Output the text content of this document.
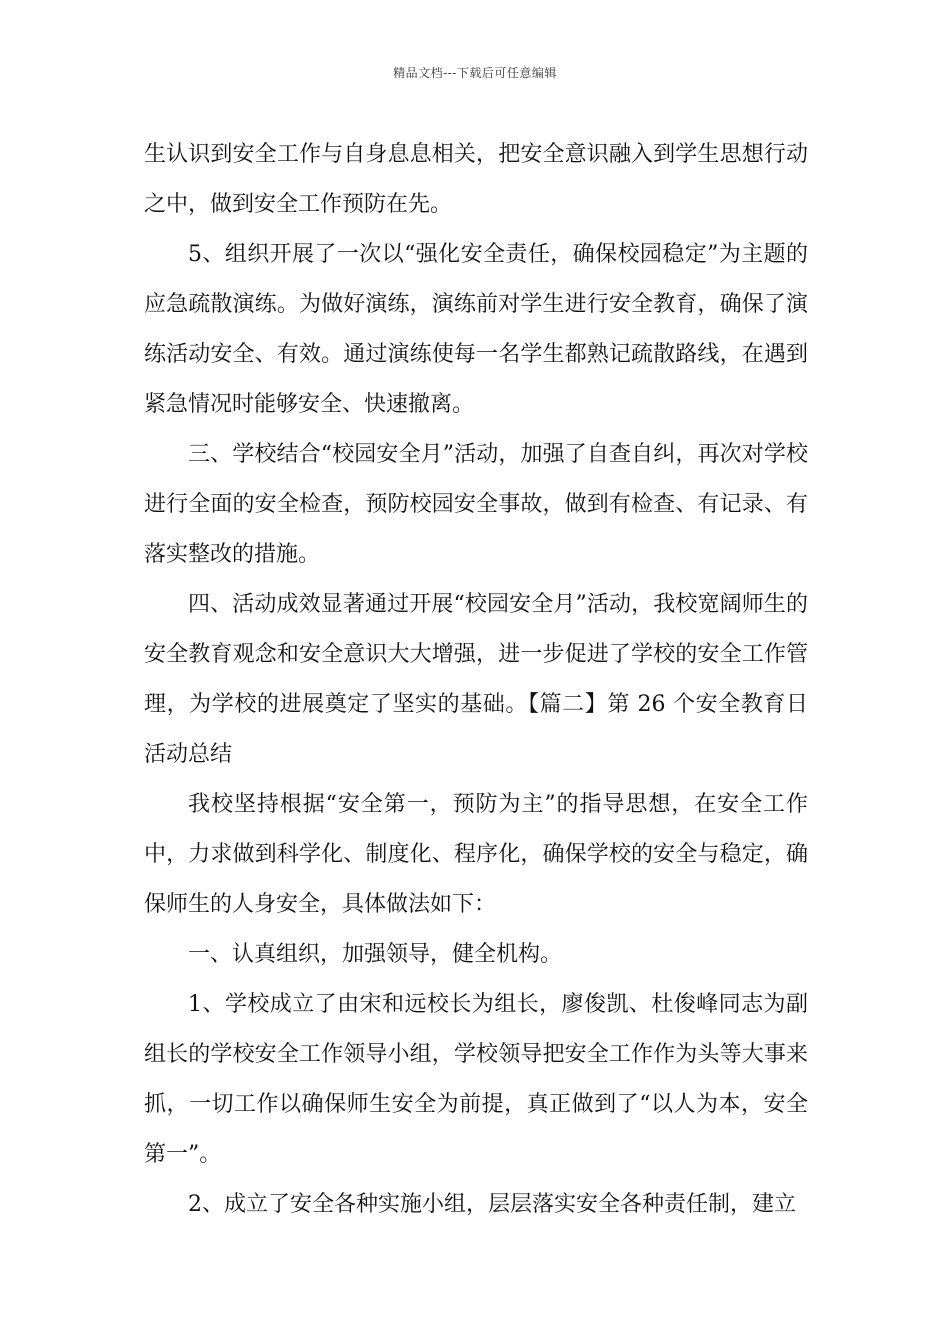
精品文档---下载后可任意编辑

生认识到安全工作与自身息息相关，把安全意识融入到学生思想行动之中，做到安全工作预防在先。

5、组织开展了一次以“强化安全责任，确保校园稳定”为主题的应急疏散演练。为做好演练，演练前对学生进行安全教育，确保了演练活动安全、有效。通过演练使每一名学生都熟记疏散路线，在遇到紧急情况时能够安全、快速撤离。

三、学校结合“校园安全月”活动，加强了自查自纠，再次对学校进行全面的安全检查，预防校园安全事故，做到有检查、有记录、有落实整改的措施。

四、活动成效显著通过开展“校园安全月”活动，我校宽阔师生的安全教育观念和安全意识大大增强，进一步促进了学校的安全工作管理，为学校的进展奠定了坚实的基础。【篇二】第 26 个安全教育日活动总结

我校坚持根据“安全第一，预防为主”的指导思想，在安全工作中，力求做到科学化、制度化、程序化，确保学校的安全与稳定，确保师生的人身安全，具体做法如下：

一、认真组织，加强领导，健全机构。

1、学校成立了由宋和远校长为组长，廖俊凯、杜俊峰同志为副组长的学校安全工作领导小组，学校领导把安全工作作为头等大事来抓，一切工作以确保师生安全为前提，真正做到了“以人为本，安全第一”。

2、成立了安全各种实施小组，层层落实安全各种责任制，建立
